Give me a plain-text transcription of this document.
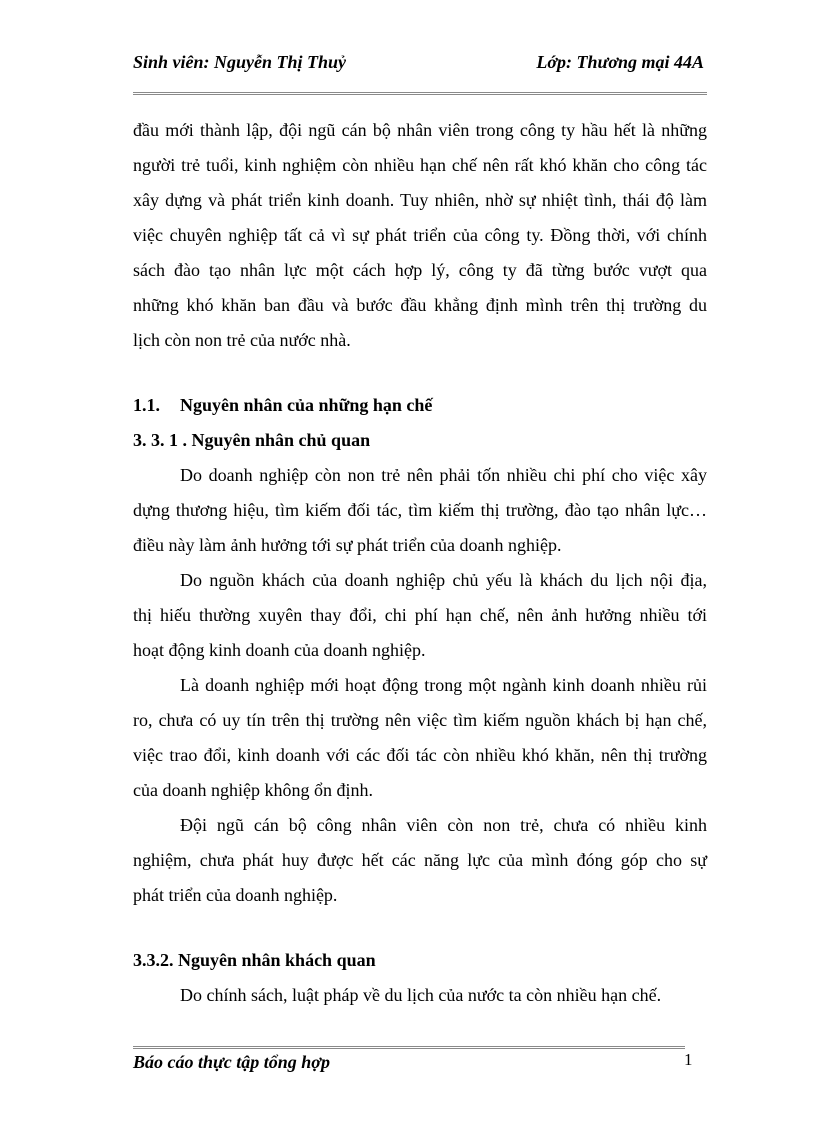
Sinh viên: Nguyễn Thị Thuỷ	Lớp: Thương mại 44A
đầu mới thành lập, đội ngũ cán bộ nhân viên trong công ty hầu hết là những
người trẻ tuổi, kinh nghiệm còn nhiều hạn chế nên rất khó khăn cho công tác
xây dựng và phát triển kinh doanh. Tuy nhiên, nhờ sự nhiệt tình, thái độ làm
việc chuyên nghiệp tất cả vì sự phát triển của công ty. Đồng thời, với chính
sách đào tạo nhân lực một cách hợp lý, công ty đã từng bước vượt qua
những khó khăn ban đầu và bước đầu khẳng định mình trên thị trường du
lịch còn non trẻ của nước nhà.
1.1. Nguyên nhân của những hạn chế
3. 3. 1 . Nguyên nhân chủ quan
Do doanh nghiệp còn non trẻ nên phải tốn nhiều chi phí cho việc xây
dựng thương hiệu, tìm kiếm đối tác, tìm kiếm thị trường, đào tạo nhân lực…
điều này làm ảnh hưởng tới sự phát triển của doanh nghiệp.
Do nguồn khách của doanh nghiệp chủ yếu là khách du lịch nội địa,
thị hiếu thường xuyên thay đổi, chi phí hạn chế, nên ảnh hưởng nhiều tới
hoạt động kinh doanh của doanh nghiệp.
Là doanh nghiệp mới hoạt động trong một ngành kinh doanh nhiều rủi
ro, chưa có uy tín trên thị trường nên việc tìm kiếm nguồn khách bị hạn chế,
việc trao đổi, kinh doanh với các đối tác còn nhiều khó khăn, nên thị trường
của doanh nghiệp không ổn định.
Đội ngũ cán bộ công nhân viên còn non trẻ, chưa có nhiều kinh
nghiệm, chưa phát huy được hết các năng lực của mình đóng góp cho sự
phát triển của doanh nghiệp.
3.3.2. Nguyên nhân khách quan
Do chính sách, luật pháp về du lịch của nước ta còn nhiều hạn chế.
Báo cáo thực tập tổng hợp	1
